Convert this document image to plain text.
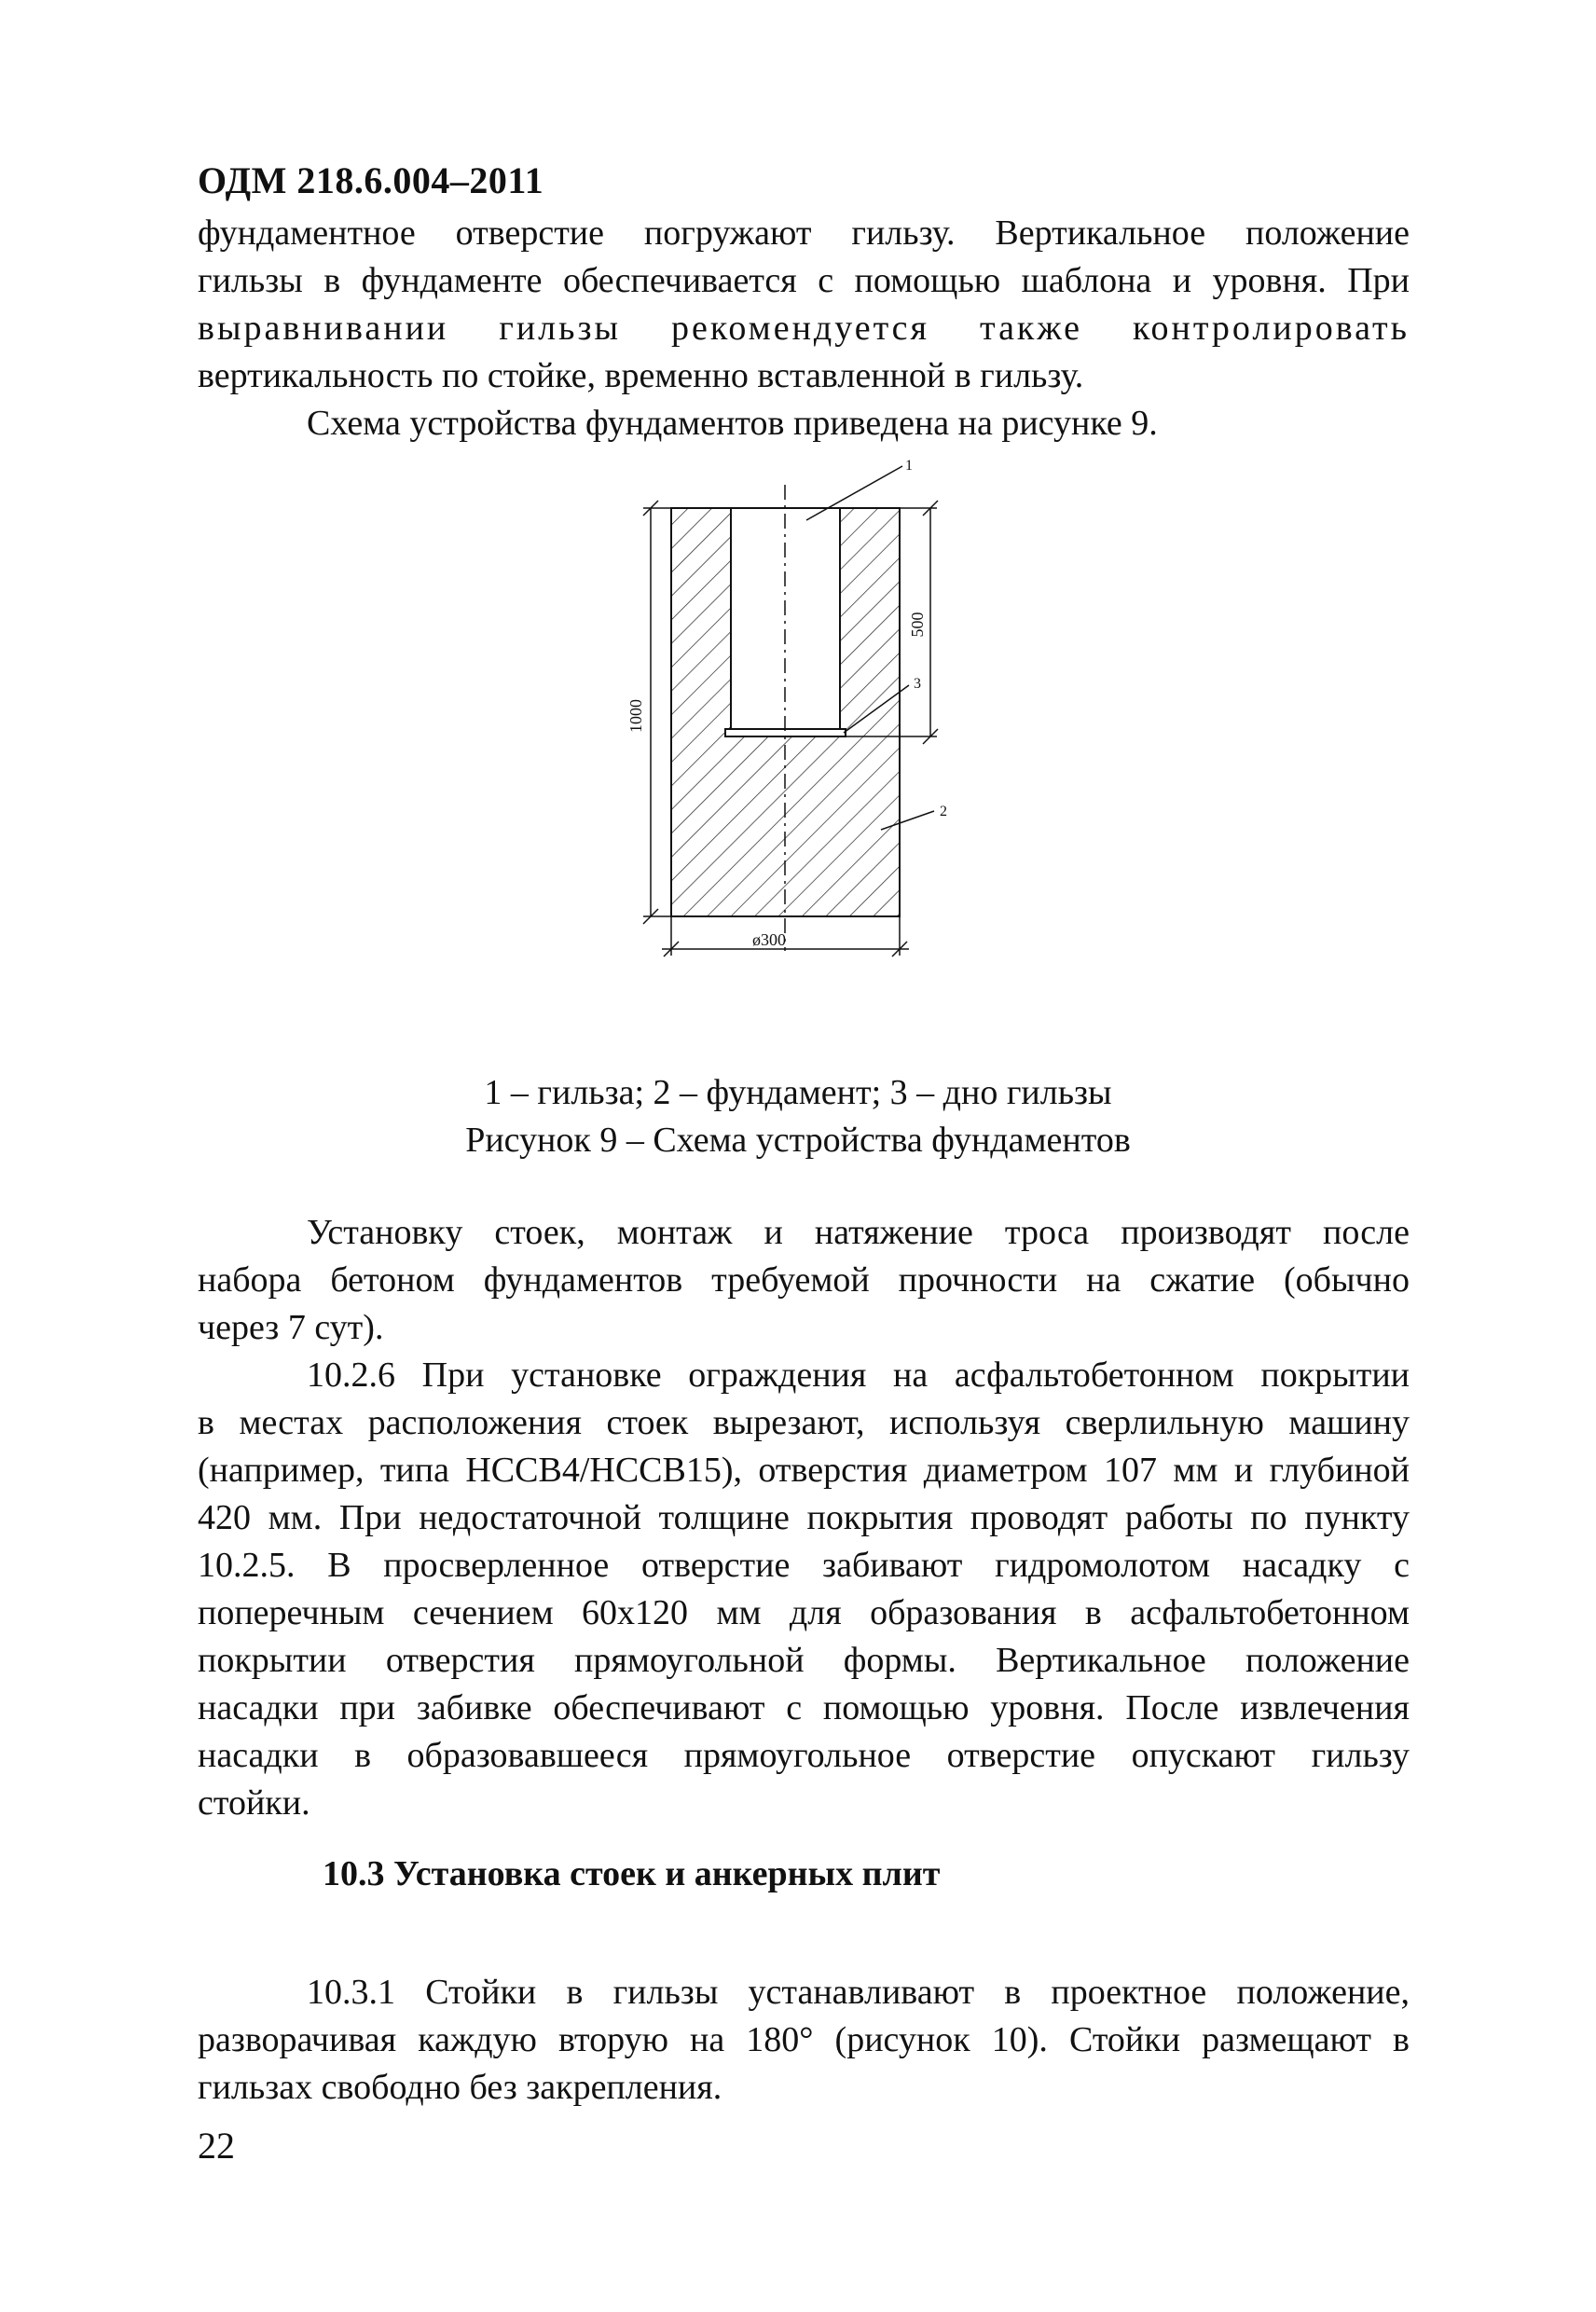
ОДМ 218.6.004–2011
фундаментное отверстие погружают гильзу. Вертикальное положение
гильзы в фундаменте обеспечивается с помощью шаблона и уровня. При
выравнивании гильзы рекомендуется также контролировать
вертикальность по стойке, временно вставленной в гильзу.
Схема устройства фундаментов приведена на рисунке 9.
1000
500
ø300
1
3
2
1 – гильза; 2 – фундамент; 3 – дно гильзы
Рисунок 9 – Схема устройства фундаментов
Установку стоек, монтаж и натяжение троса производят после
набора бетоном фундаментов требуемой прочности на сжатие (обычно
через 7 сут).
10.2.6 При установке ограждения на асфальтобетонном покрытии
в местах расположения стоек вырезают, используя сверлильную машину
(например, типа НССВ4/НССВ15), отверстия диаметром 107 мм и глубиной
420 мм. При недостаточной толщине покрытия проводят работы по пункту
10.2.5. В просверленное отверстие забивают гидромолотом насадку с
поперечным сечением 60х120 мм для образования в асфальтобетонном
покрытии отверстия прямоугольной формы. Вертикальное положение
насадки при забивке обеспечивают с помощью уровня. После извлечения
насадки в образовавшееся прямоугольное отверстие опускают гильзу
стойки.
10.3 Установка стоек и анкерных плит
10.3.1 Стойки в гильзы устанавливают в проектное положение,
разворачивая каждую вторую на 180° (рисунок 10). Стойки размещают в
гильзах свободно без закрепления.
22
